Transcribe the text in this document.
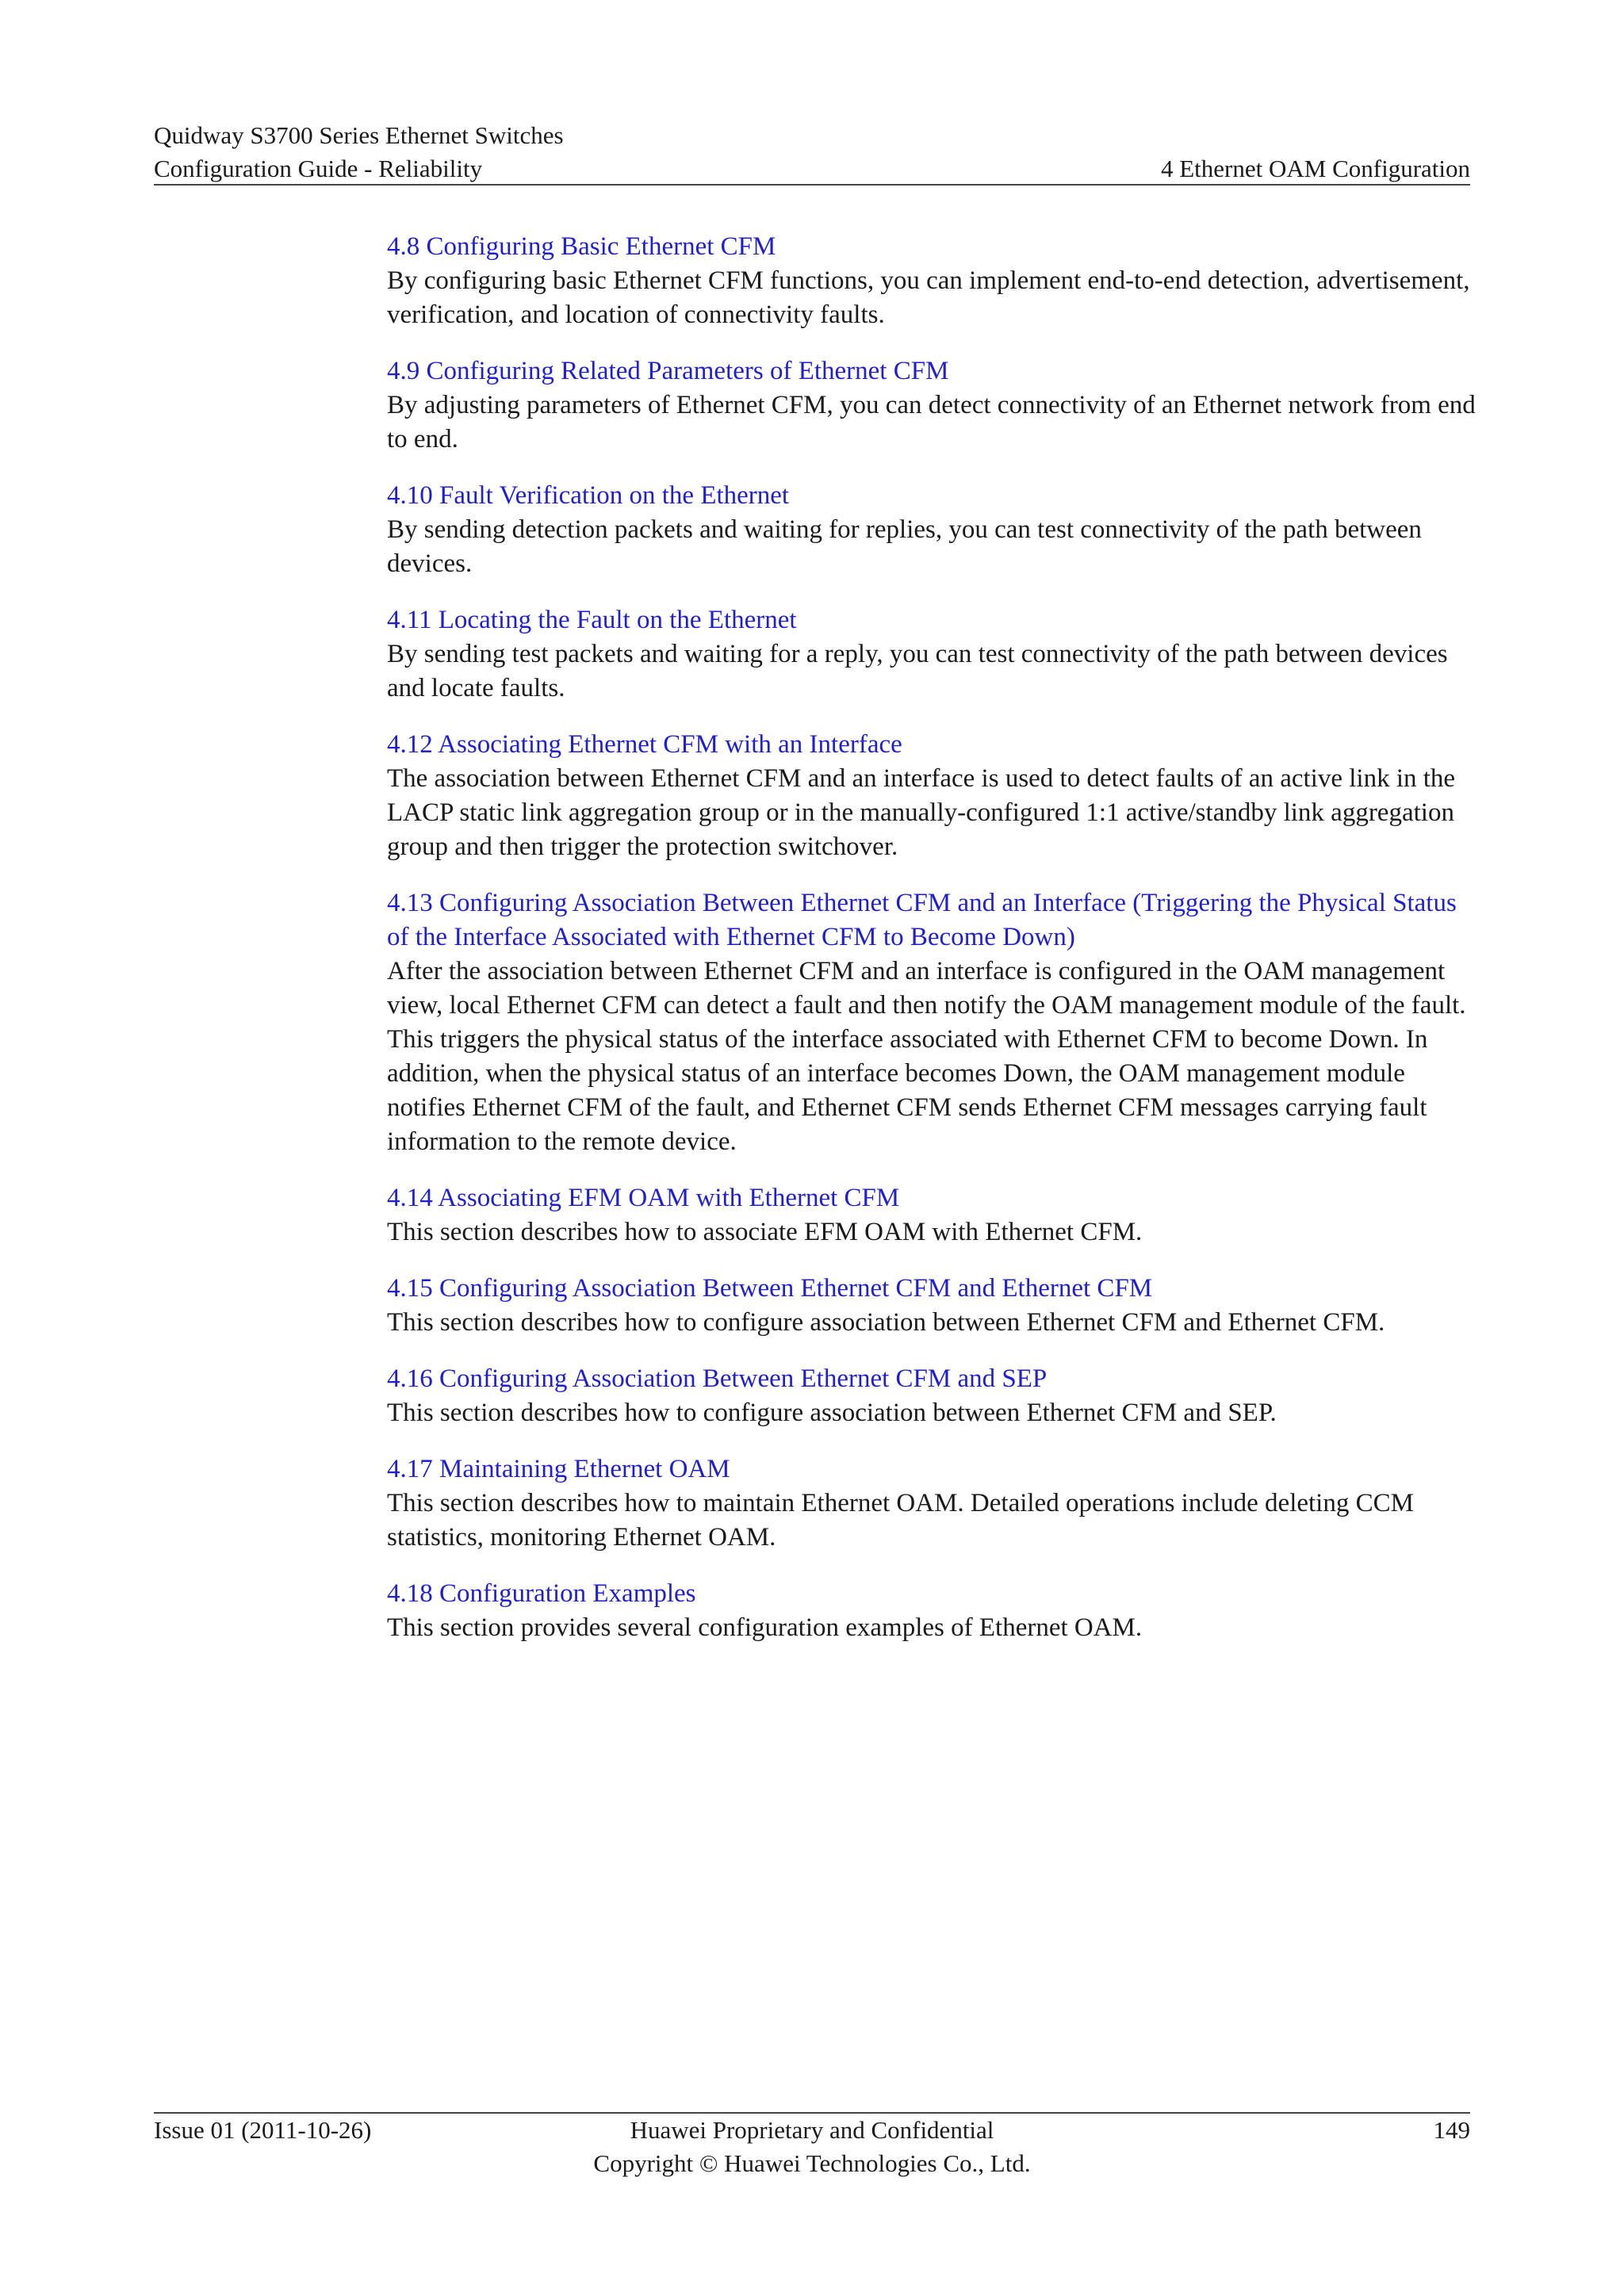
Quidway S3700 Series Ethernet Switches
Configuration Guide - Reliability	4 Ethernet OAM Configuration
4.8 Configuring Basic Ethernet CFM

By configuring basic Ethernet CFM functions, you can implement end-to-end detection, advertisement, verification, and location of connectivity faults.

4.9 Configuring Related Parameters of Ethernet CFM

By adjusting parameters of Ethernet CFM, you can detect connectivity of an Ethernet network from end to end.

4.10 Fault Verification on the Ethernet

By sending detection packets and waiting for replies, you can test connectivity of the path between devices.

4.11 Locating the Fault on the Ethernet

By sending test packets and waiting for a reply, you can test connectivity of the path between devices and locate faults.

4.12 Associating Ethernet CFM with an Interface

The association between Ethernet CFM and an interface is used to detect faults of an active link in the LACP static link aggregation group or in the manually-configured 1:1 active/standby link aggregation group and then trigger the protection switchover.

4.13 Configuring Association Between Ethernet CFM and an Interface (Triggering the Physical Status of the Interface Associated with Ethernet CFM to Become Down)

After the association between Ethernet CFM and an interface is configured in the OAM management view, local Ethernet CFM can detect a fault and then notify the OAM management module of the fault. This triggers the physical status of the interface associated with Ethernet CFM to become Down. In addition, when the physical status of an interface becomes Down, the OAM management module notifies Ethernet CFM of the fault, and Ethernet CFM sends Ethernet CFM messages carrying fault information to the remote device.

4.14 Associating EFM OAM with Ethernet CFM

This section describes how to associate EFM OAM with Ethernet CFM.

4.15 Configuring Association Between Ethernet CFM and Ethernet CFM

This section describes how to configure association between Ethernet CFM and Ethernet CFM.

4.16 Configuring Association Between Ethernet CFM and SEP

This section describes how to configure association between Ethernet CFM and SEP.

4.17 Maintaining Ethernet OAM

This section describes how to maintain Ethernet OAM. Detailed operations include deleting CCM statistics, monitoring Ethernet OAM.

4.18 Configuration Examples

This section provides several configuration examples of Ethernet OAM.

Issue 01 (2011-10-26)	Huawei Proprietary and Confidential	149
Copyright © Huawei Technologies Co., Ltd.
